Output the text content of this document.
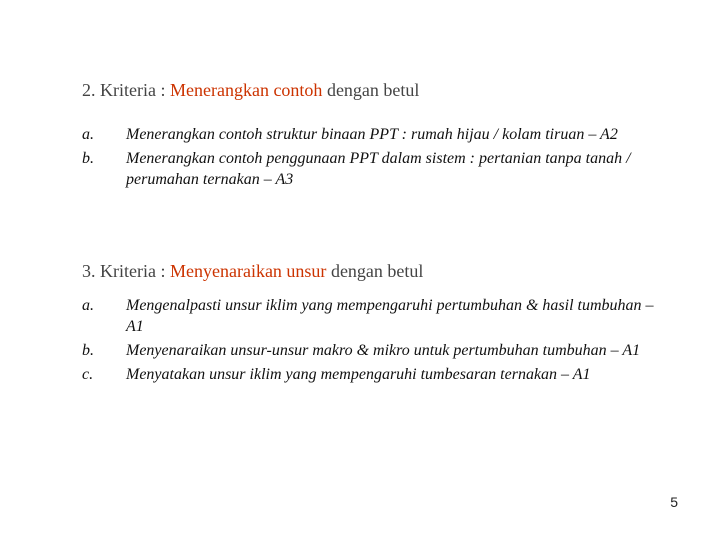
2. Kriteria : Menerangkan contoh dengan betul

a. Menerangkan contoh struktur binaan PPT : rumah hijau / kolam tiruan – A2
b. Menerangkan contoh penggunaan PPT dalam sistem : pertanian tanpa tanah / perumahan ternakan – A3

3. Kriteria : Menyenaraikan unsur dengan betul

a. Mengenalpasti unsur iklim yang mempengaruhi pertumbuhan & hasil tumbuhan – A1
b. Menyenaraikan unsur-unsur makro & mikro untuk pertumbuhan tumbuhan – A1
c. Menyatakan unsur iklim yang mempengaruhi tumbesaran ternakan – A1
5
